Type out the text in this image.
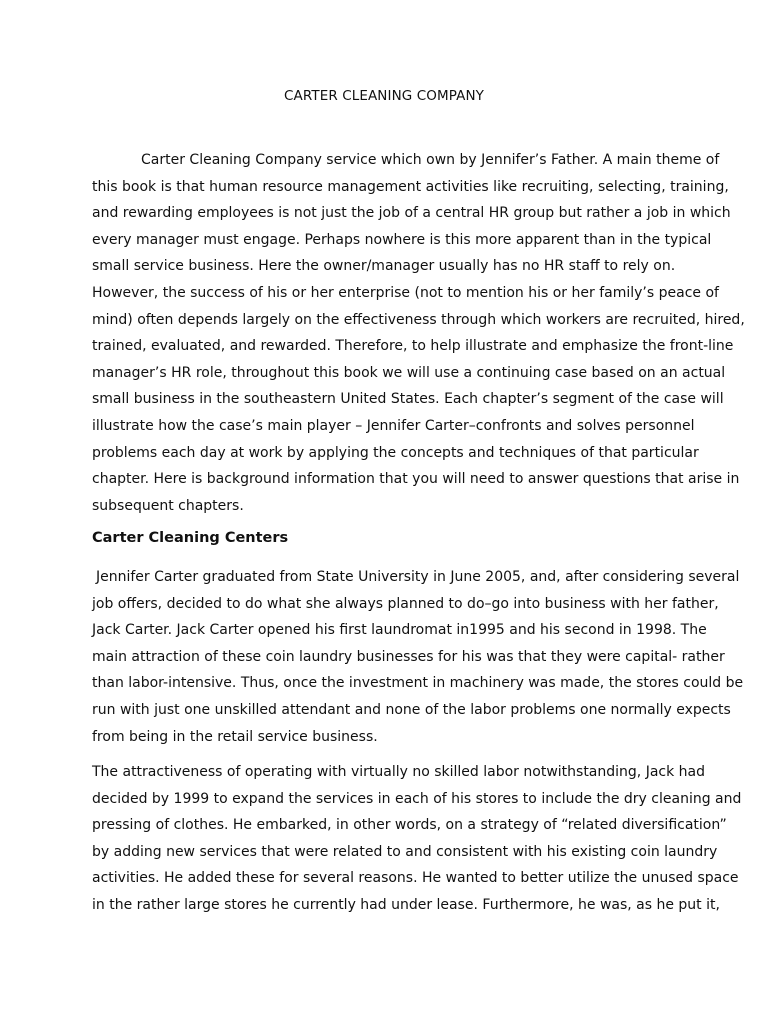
CARTER CLEANING COMPANY
Carter Cleaning Company service which own by Jennifer’s Father. A main theme of
this book is that human resource management activities like recruiting, selecting, training,
and rewarding employees is not just the job of a central HR group but rather a job in which
every manager must engage. Perhaps nowhere is this more apparent than in the typical
small service business. Here the owner/manager usually has no HR staff to rely on.
However, the success of his or her enterprise (not to mention his or her family’s peace of
mind) often depends largely on the effectiveness through which workers are recruited, hired,
trained, evaluated, and rewarded. Therefore, to help illustrate and emphasize the front-line
manager’s HR role, throughout this book we will use a continuing case based on an actual
small business in the southeastern United States. Each chapter’s segment of the case will
illustrate how the case’s main player – Jennifer Carter–confronts and solves personnel
problems each day at work by applying the concepts and techniques of that particular
chapter. Here is background information that you will need to answer questions that arise in
subsequent chapters.
Carter Cleaning Centers
Jennifer Carter graduated from State University in June 2005, and, after considering several
job offers, decided to do what she always planned to do–go into business with her father,
Jack Carter. Jack Carter opened his first laundromat in1995 and his second in 1998. The
main attraction of these coin laundry businesses for his was that they were capital- rather
than labor-intensive. Thus, once the investment in machinery was made, the stores could be
run with just one unskilled attendant and none of the labor problems one normally expects
from being in the retail service business.
The attractiveness of operating with virtually no skilled labor notwithstanding, Jack had
decided by 1999 to expand the services in each of his stores to include the dry cleaning and
pressing of clothes. He embarked, in other words, on a strategy of “related diversification”
by adding new services that were related to and consistent with his existing coin laundry
activities. He added these for several reasons. He wanted to better utilize the unused space
in the rather large stores he currently had under lease. Furthermore, he was, as he put it,
